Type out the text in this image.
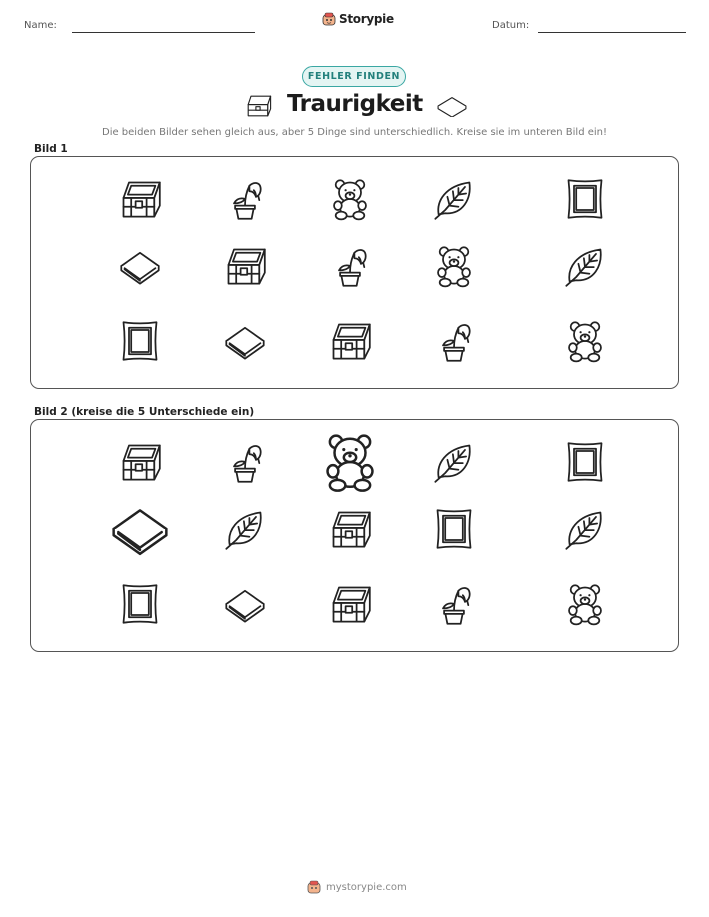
Name:	Storypie	Datum:
FEHLER FINDEN
Traurigkeit
Die beiden Bilder sehen gleich aus, aber 5 Dinge sind unterschiedlich. Kreise sie im unteren Bild ein!
Bild 1
Bild 2 (kreise die 5 Unterschiede ein)
mystorypie.com
